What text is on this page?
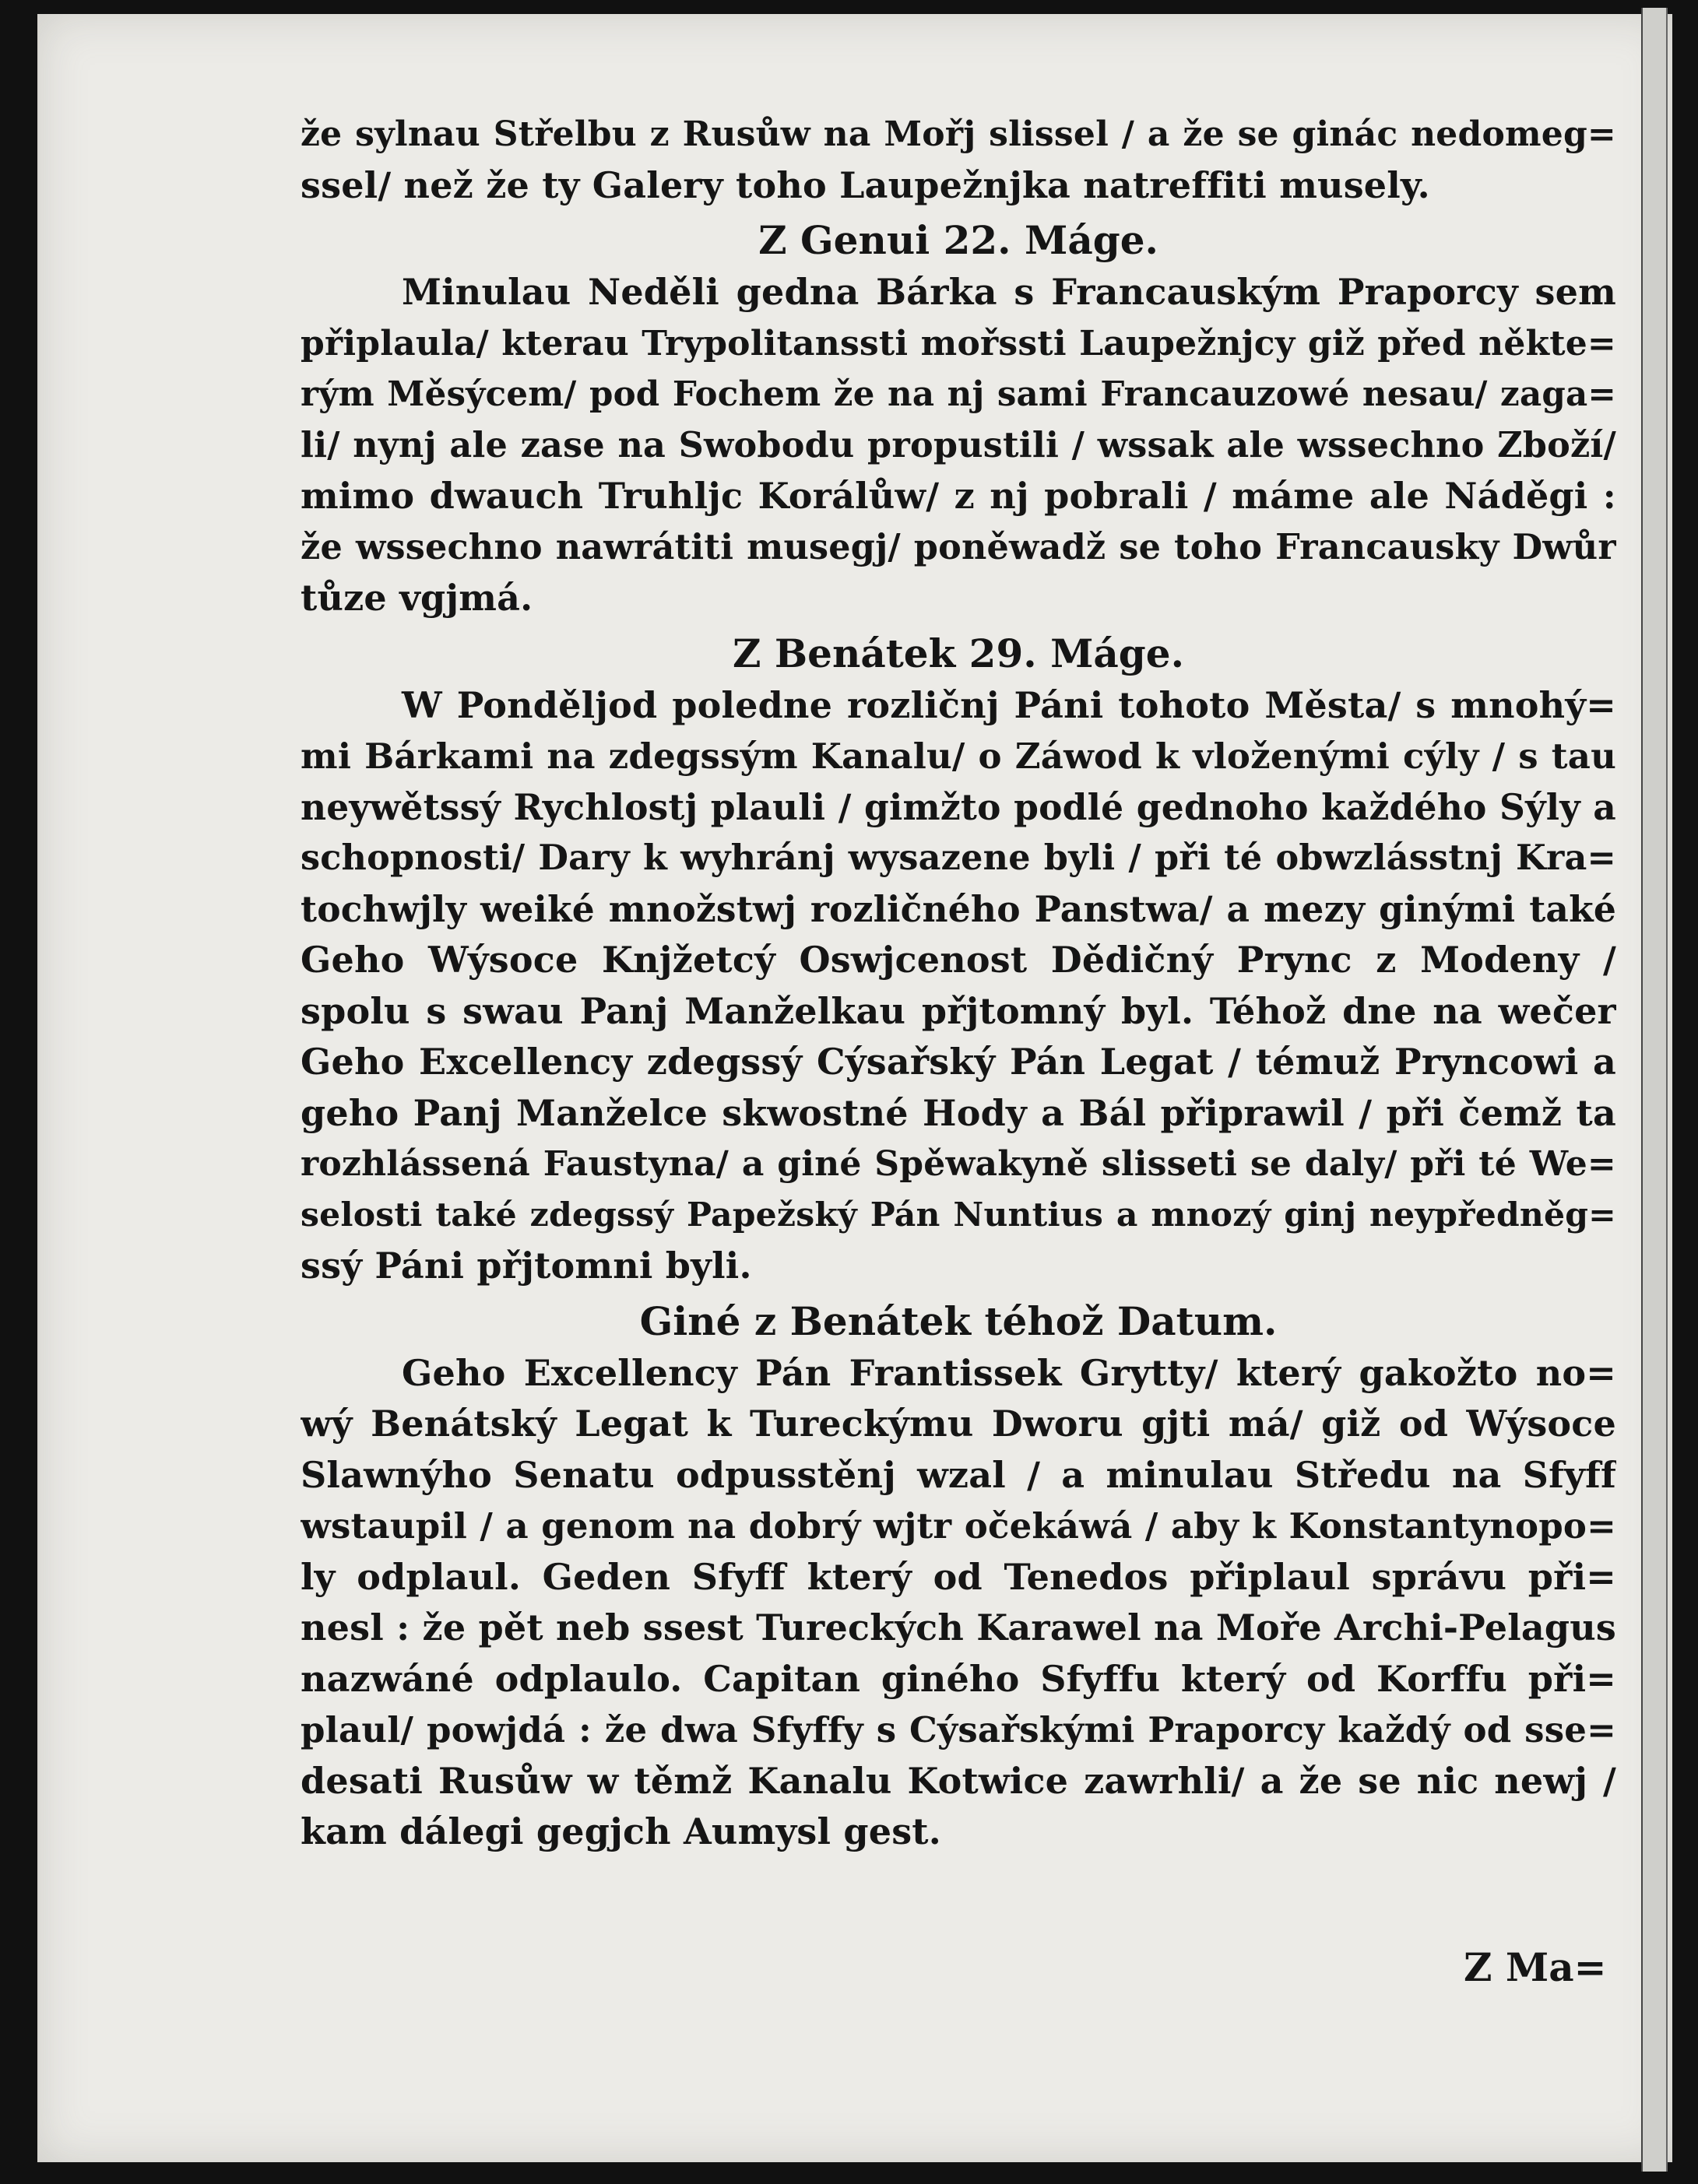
že sylnau Střelbu z Rusůw na Mořj slissel / a že se ginác nedomeg=
ssel/ než že ty Galery toho Laupežnjka natreffiti musely.
Z Genui 22. Máge.
Minulau Neděli gedna Bárka s Francauským Praporcy sem
připlaula/ kterau Trypolitanssti mořssti Laupežnjcy giž před někte=
rým Měsýcem/ pod Fochem že na nj sami Francauzowé nesau/ zaga=
li/ nynj ale zase na Swobodu propustili / wssak ale wssechno Zboží/
mimo dwauch Truhljc Korálůw/ z nj pobrali / máme ale Náděgi :
že wssechno nawrátiti musegj/ poněwadž se toho Francausky Dwůr
tůze vgjmá.
Z Benátek 29. Máge.
W Ponděljod poledne rozličnj Páni tohoto Města/ s mnohý=
mi Bárkami na zdegssým Kanalu/ o Záwod k vloženými cýly / s tau
neywětssý Rychlostj plauli / gimžto podlé gednoho každého Sýly a
schopnosti/ Dary k wyhránj wysazene byli / při té obwzlásstnj Kra=
tochwjly weiké množstwj rozličného Panstwa/ a mezy ginými také
Geho Wýsoce Knjžetcý Oswjcenost Dědičný Prync z Modeny /
spolu s swau Panj Manželkau přjtomný byl. Téhož dne na wečer
Geho Excellency zdegssý Cýsařský Pán Legat / témuž Pryncowi a
geho Panj Manželce skwostné Hody a Bál připrawil / při čemž ta
rozhlássená Faustyna/ a giné Spěwakyně slisseti se daly/ při té We=
selosti také zdegssý Papežský Pán Nuntius a mnozý ginj neypředněg=
ssý Páni přjtomni byli.
Giné z Benátek téhož Datum.
Geho Excellency Pán Frantissek Grytty/ který gakožto no=
wý Benátský Legat k Tureckýmu Dworu gjti má/ giž od Wýsoce
Slawnýho Senatu odpusstěnj wzal / a minulau Středu na Sfyff
wstaupil / a genom na dobrý wjtr očekáwá / aby k Konstantynopo=
ly odplaul. Geden Sfyff který od Tenedos připlaul správu při=
nesl : že pět neb ssest Tureckých Karawel na Moře Archi-Pelagus
nazwáné odplaulo. Capitan giného Sfyffu který od Korffu při=
plaul/ powjdá : že dwa Sfyffy s Cýsařskými Praporcy každý od sse=
desati Rusůw w těmž Kanalu Kotwice zawrhli/ a že se nic newj /
kam dálegi gegjch Aumysl gest.
Z Ma=
